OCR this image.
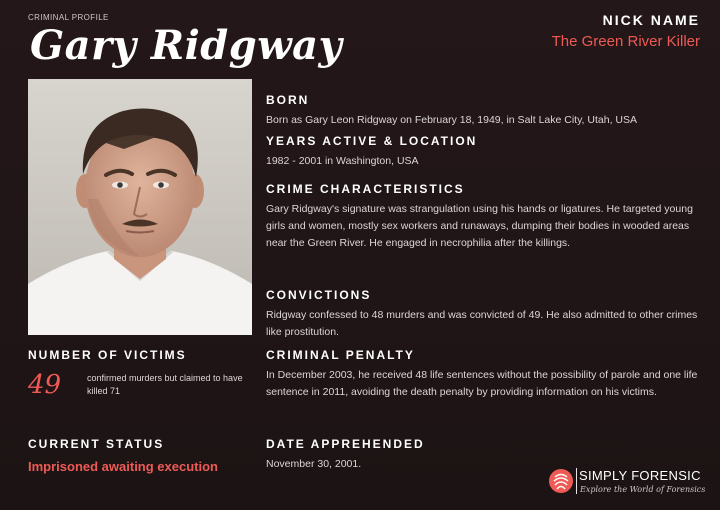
CRIMINAL PROFILE
Gary Ridgway
NICK NAME
The Green River Killer
BORN
Born as Gary Leon Ridgway on February 18, 1949, in Salt Lake City, Utah, USA
YEARS ACTIVE & LOCATION
1982 - 2001 in Washington, USA
CRIME CHARACTERISTICS
Gary Ridgway's signature was strangulation using his hands or ligatures. He targeted young girls and women, mostly sex workers and runaways, dumping their bodies in wooded areas near the Green River. He engaged in necrophilia after the killings.
CONVICTIONS
Ridgway confessed to 48 murders and was convicted of 49. He also admitted to other crimes like prostitution.
CRIMINAL PENALTY
In December 2003, he received 48 life sentences without the possibility of parole and one life sentence in 2011, avoiding the death penalty by providing information on his victims.
DATE APPREHENDED
November 30, 2001.
NUMBER OF VICTIMS
49	confirmed murders but claimed to have killed 71
CURRENT STATUS
Imprisoned awaiting execution
SIMPLY FORENSIC
Explore the World of Forensics
